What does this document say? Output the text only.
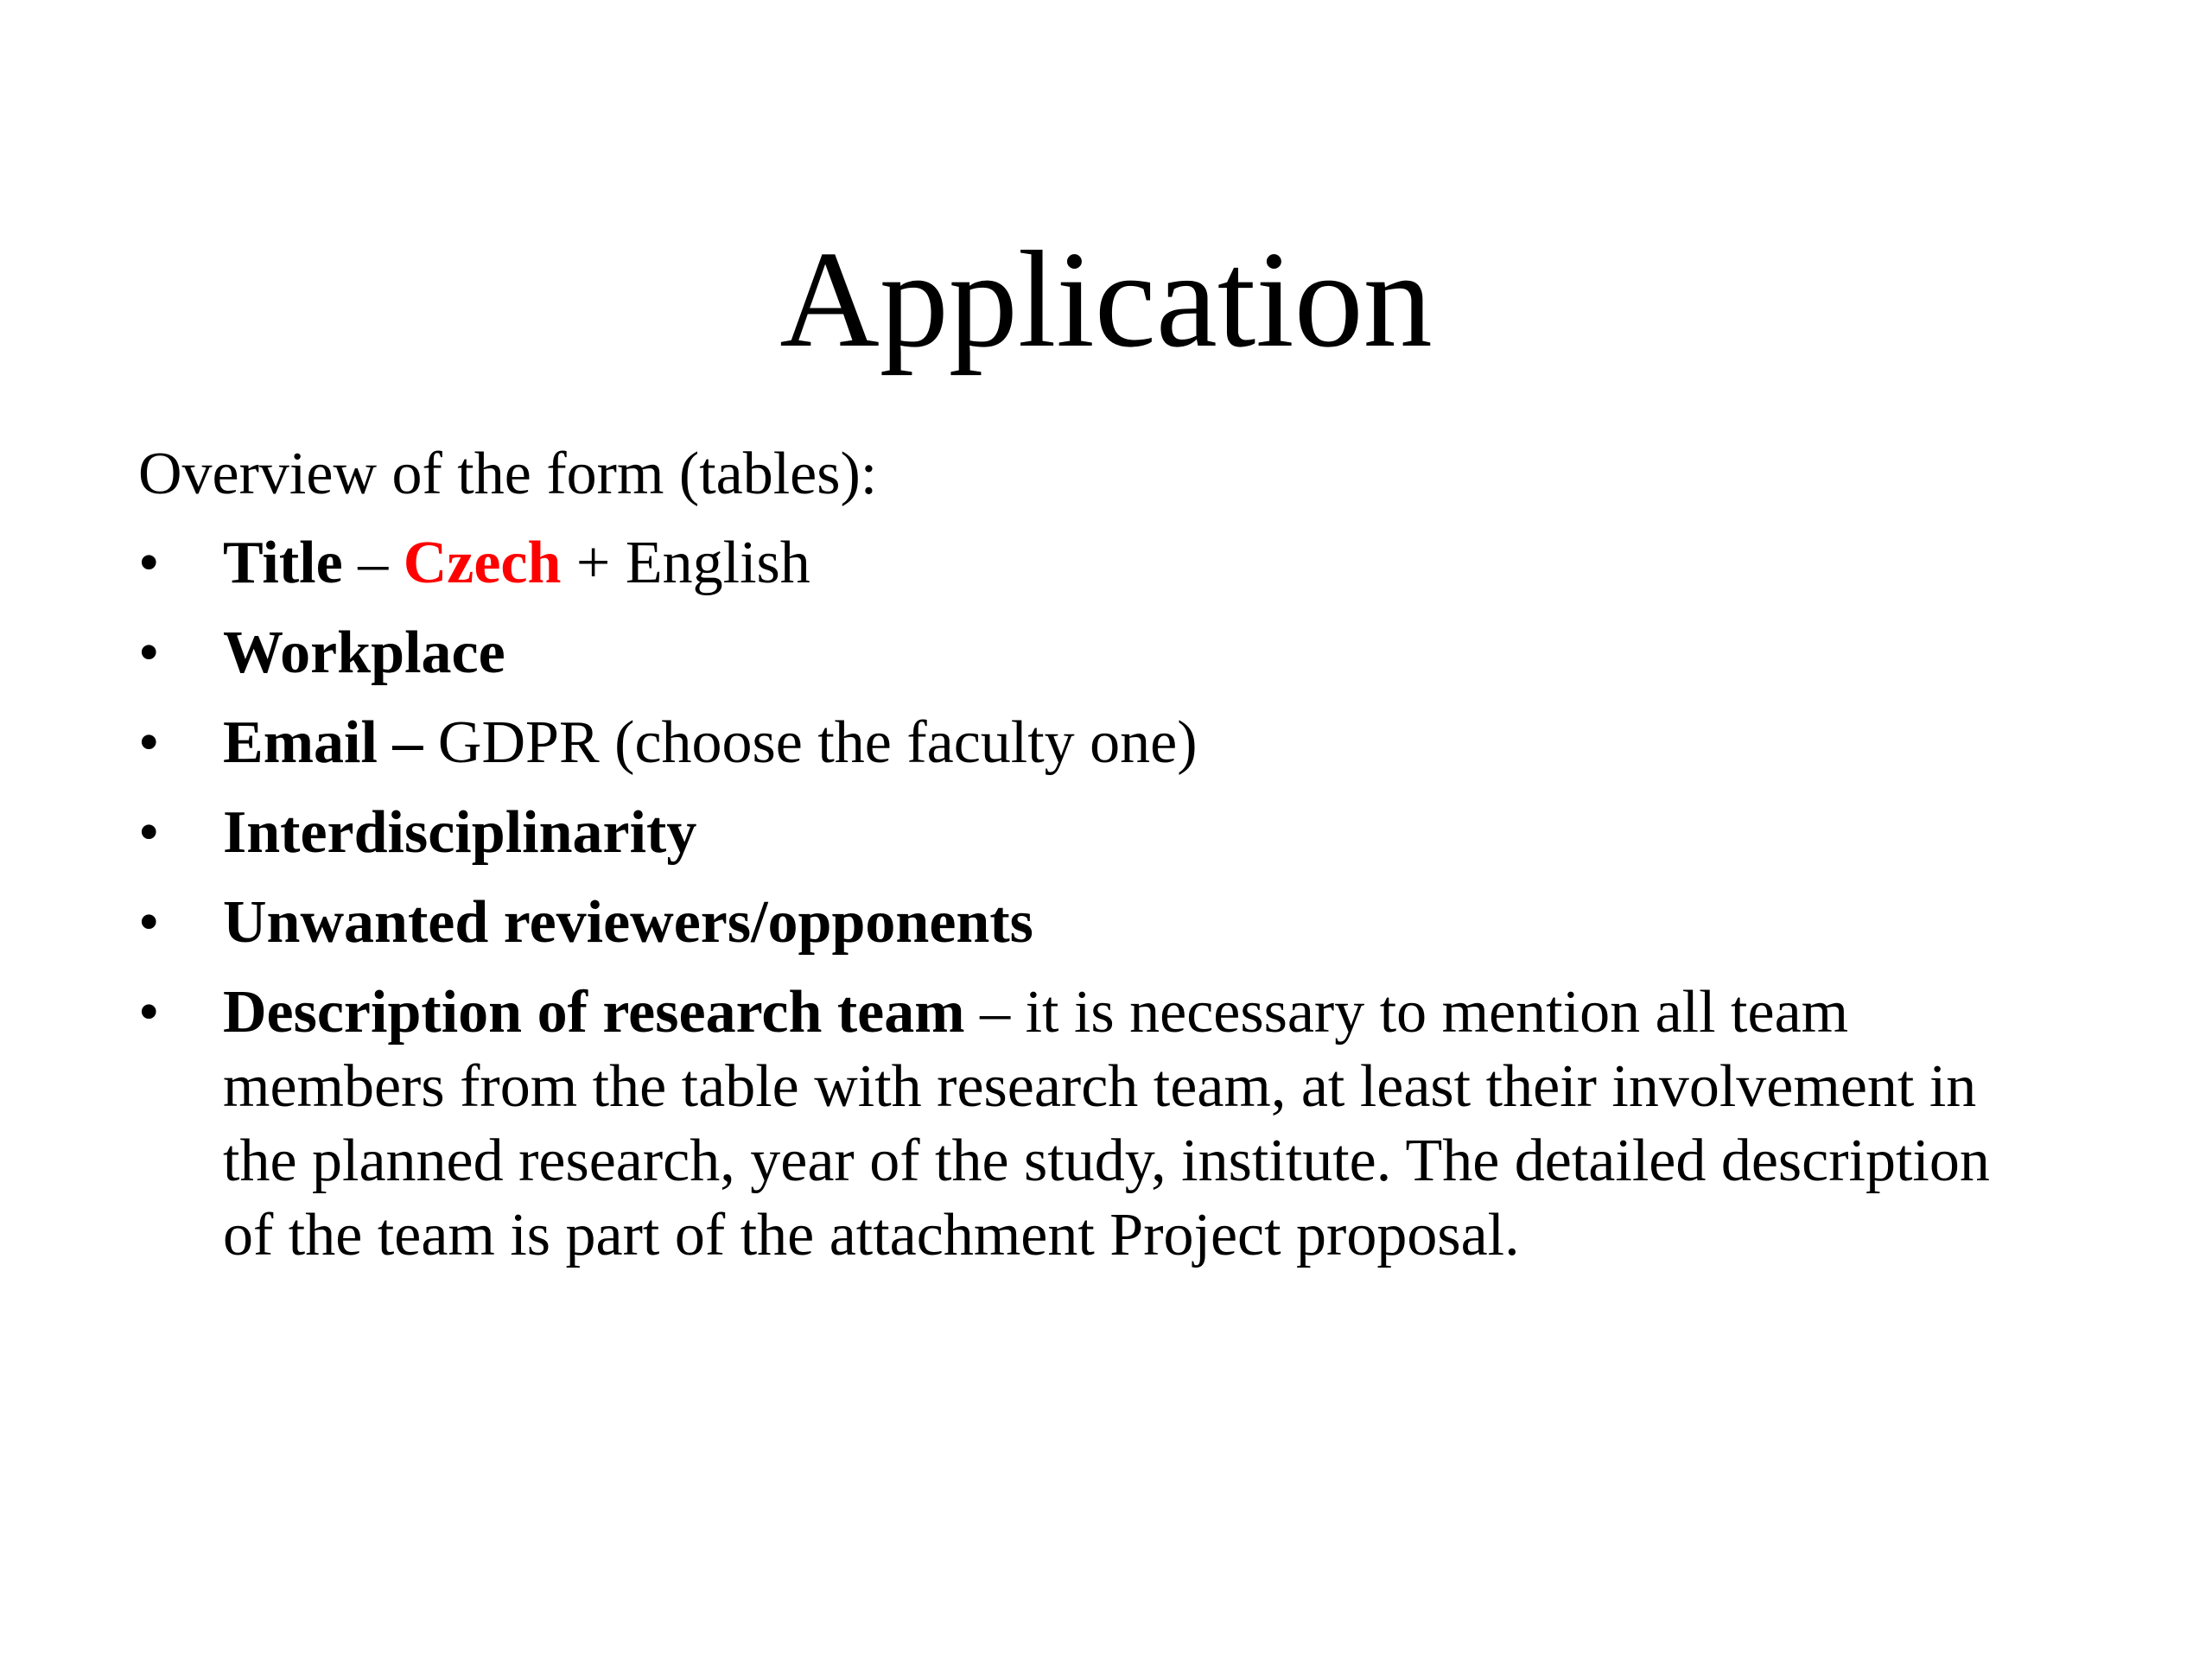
Application

Overview of the form (tables):

• Title – Czech + English
• Workplace
• Email – GDPR (choose the faculty one)
• Interdisciplinarity
• Unwanted reviewers/opponents
• Description of research team – it is necessary to mention all team members from the table with research team, at least their involvement in the planned research, year of the study, institute. The detailed description of the team is part of the attachment Project proposal.
